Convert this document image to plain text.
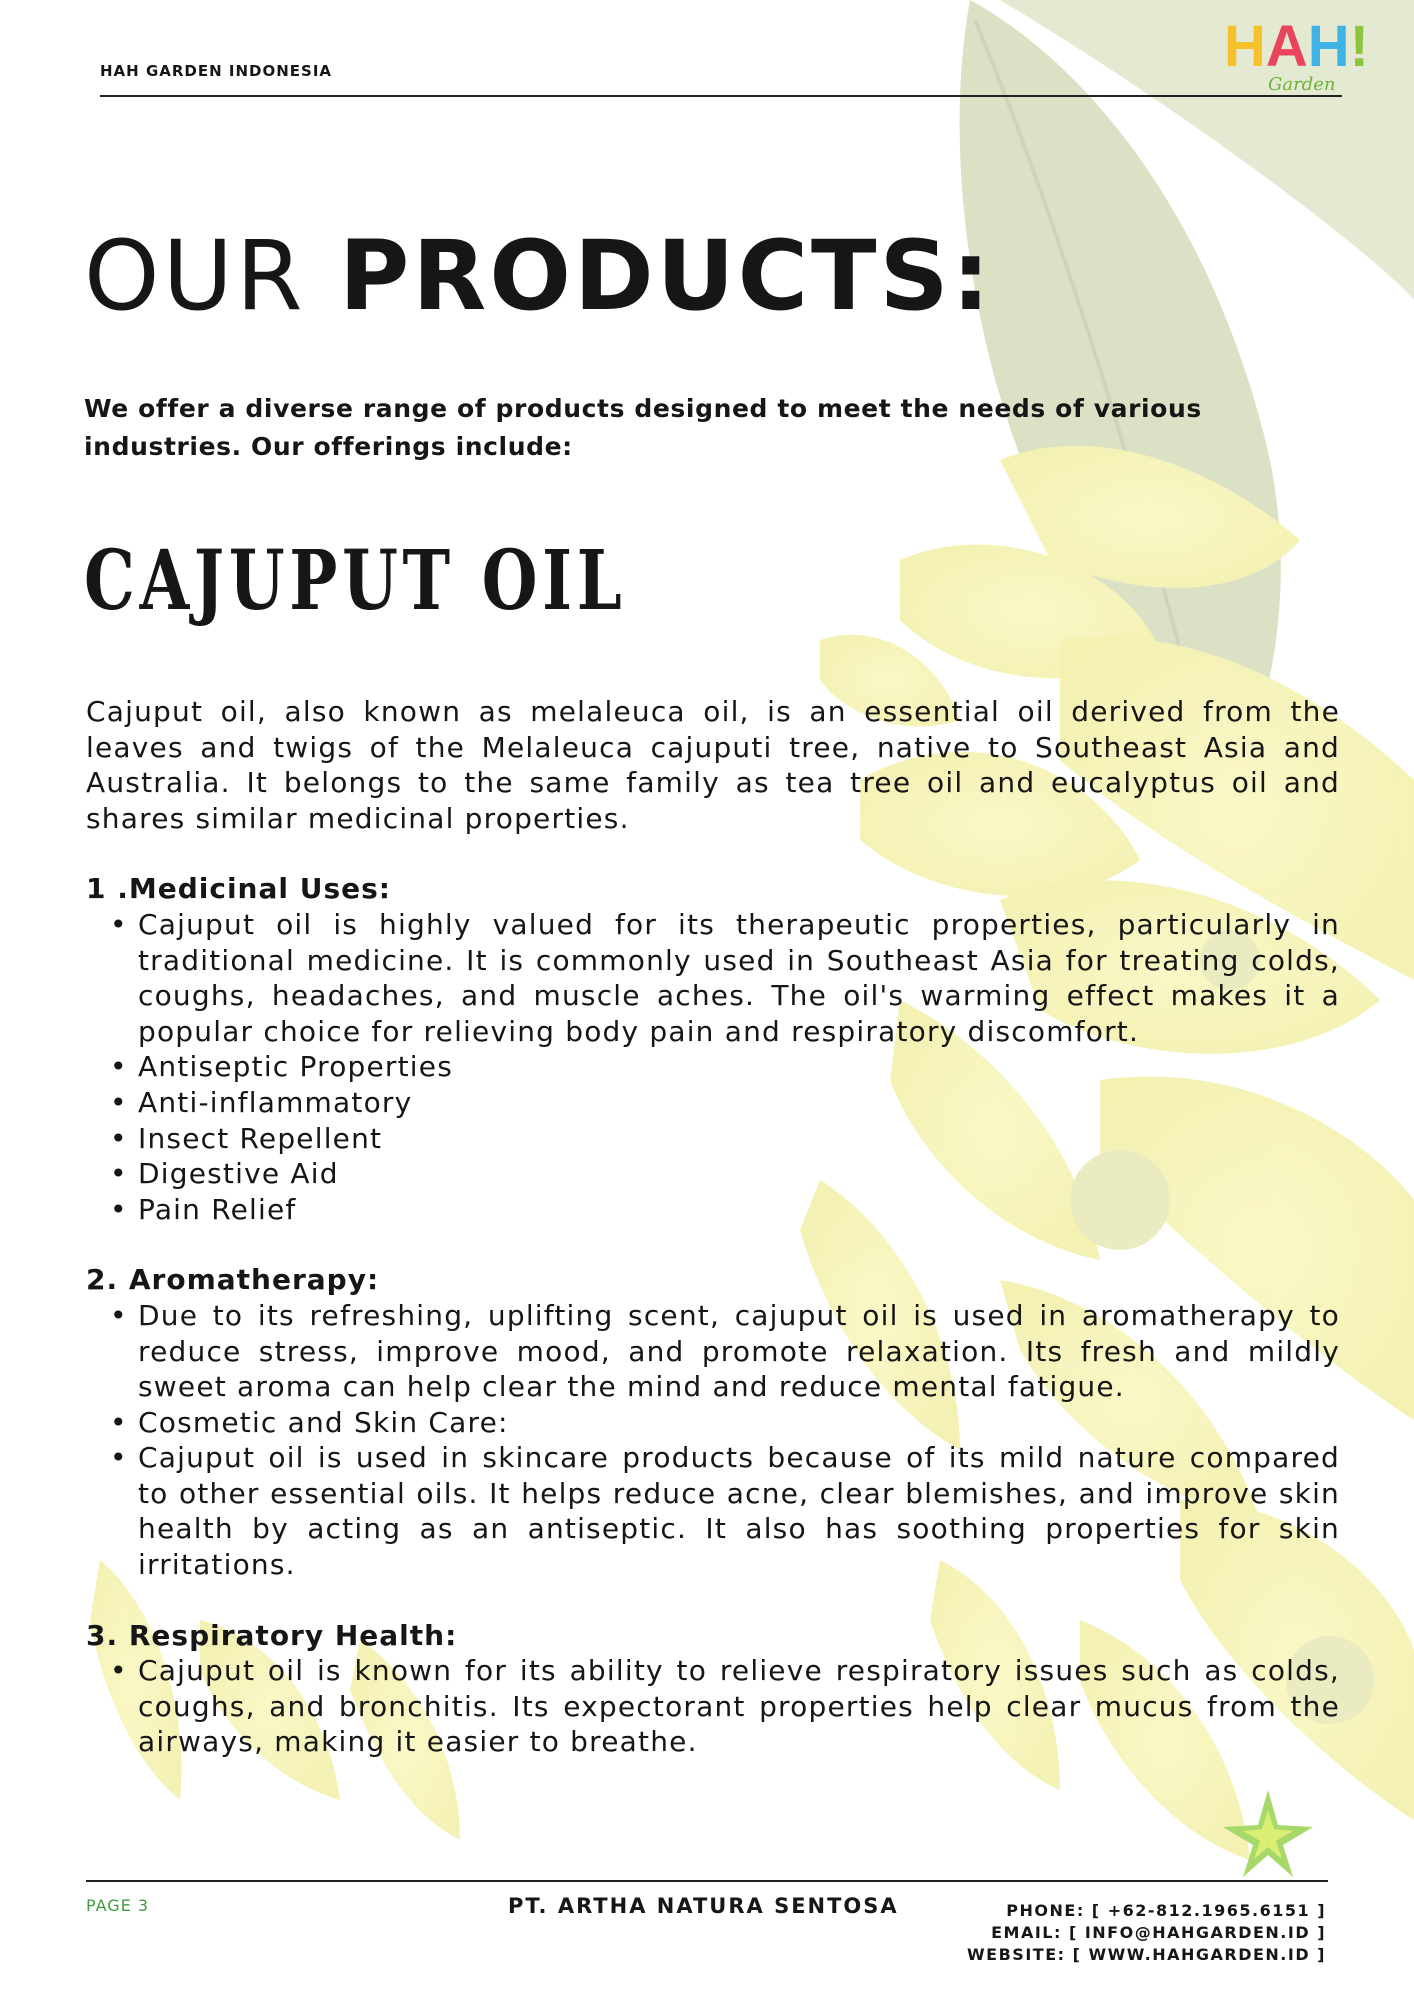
HAH GARDEN INDONESIA	HAH!
Garden
OUR PRODUCTS:
We offer a diverse range of products designed to meet the needs of various industries. Our offerings include:
CAJUPUT OIL

Cajuput oil, also known as melaleuca oil, is an essential oil derived from the leaves and twigs of the Melaleuca cajuputi tree, native to Southeast Asia and Australia. It belongs to the same family as tea tree oil and eucalyptus oil and shares similar medicinal properties.

1 .Medicinal Uses:

• Cajuput oil is highly valued for its therapeutic properties, particularly in traditional medicine. It is commonly used in Southeast Asia for treating colds, coughs, headaches, and muscle aches. The oil's warming effect makes it a popular choice for relieving body pain and respiratory discomfort.
• Antiseptic Properties
• Anti-inflammatory
• Insect Repellent
• Digestive Aid
• Pain Relief

2. Aromatherapy:

• Due to its refreshing, uplifting scent, cajuput oil is used in aromatherapy to reduce stress, improve mood, and promote relaxation. Its fresh and mildly sweet aroma can help clear the mind and reduce mental fatigue.
• Cosmetic and Skin Care:
• Cajuput oil is used in skincare products because of its mild nature compared to other essential oils. It helps reduce acne, clear blemishes, and improve skin health by acting as an antiseptic. It also has soothing properties for skin irritations.

3. Respiratory Health:

• Cajuput oil is known for its ability to relieve respiratory issues such as colds, coughs, and bronchitis. Its expectorant properties help clear mucus from the airways, making it easier to breathe.
PAGE 3	PT. ARTHA NATURA SENTOSA	PHONE: [ +62-812.1965.6151 ]
EMAIL: [ INFO@HAHGARDEN.ID ]
WEBSITE: [ WWW.HAHGARDEN.ID ]
